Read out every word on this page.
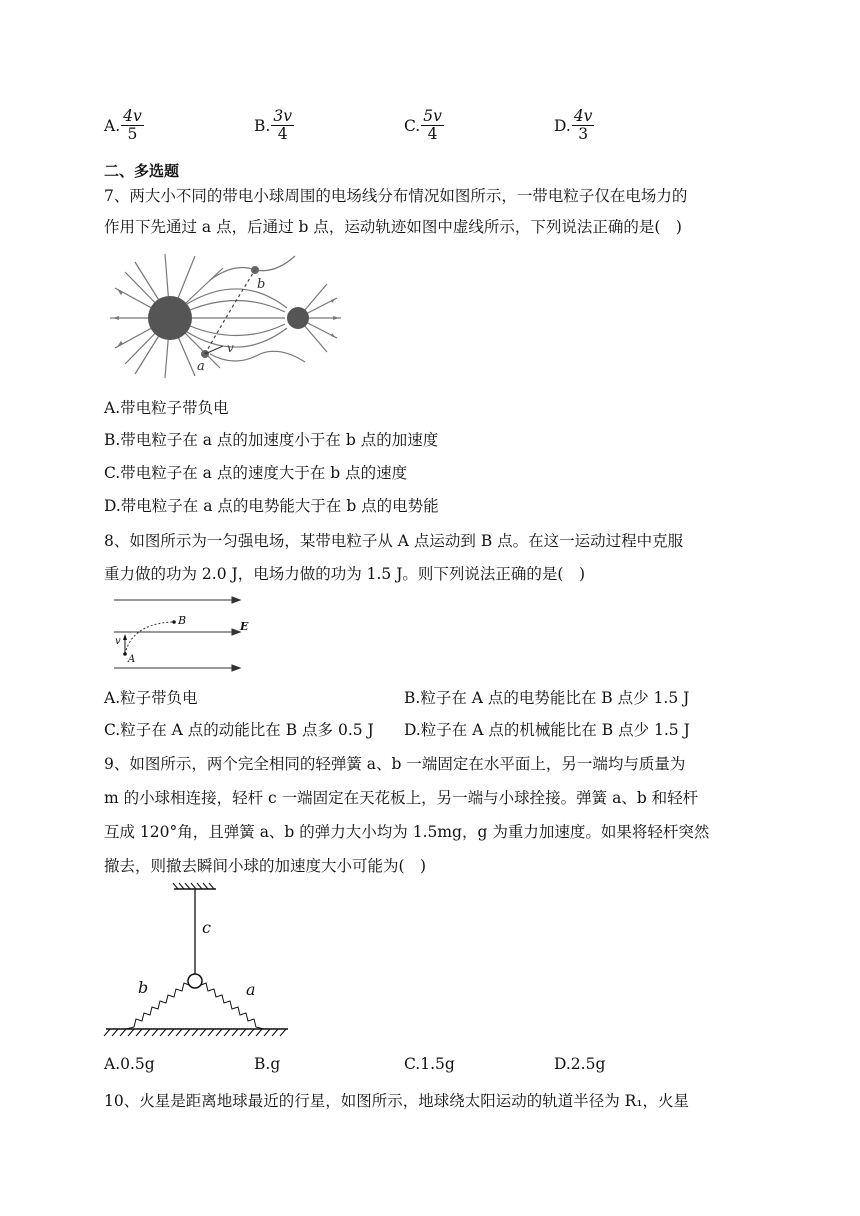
A. $\frac{4v}{5}$	B. $\frac{3v}{4}$	C. $\frac{5v}{4}$	D. $\frac{4v}{3}$
二、多选题
7、两大小不同的带电小球周围的电场线分布情况如图所示，一带电粒子仅在电场力的
作用下先通过 a 点，后通过 b 点，运动轨迹如图中虚线所示，下列说法正确的是(　)
b
a
v
A.带电粒子带负电
B.带电粒子在 a 点的加速度小于在 b 点的加速度
C.带电粒子在 a 点的速度大于在 b 点的速度
D.带电粒子在 a 点的电势能大于在 b 点的电势能
8、如图所示为一匀强电场，某带电粒子从 A 点运动到 B 点。在这一运动过程中克服
重力做的功为 2.0 J，电场力做的功为 1.5 J。则下列说法正确的是(　)
B	E
v
A
A.粒子带负电	B.粒子在 A 点的电势能比在 B 点少 1.5 J
C.粒子在 A 点的动能比在 B 点多 0.5 J D.粒子在 A 点的机械能比在 B 点少 1.5 J
9、如图所示，两个完全相同的轻弹簧 a、b 一端固定在水平面上，另一端均与质量为
m 的小球相连接，轻杆 c 一端固定在天花板上，另一端与小球拴接。弹簧 a、b 和轻杆
互成 120°角，且弹簧 a、b 的弹力大小均为 1.5mg，g 为重力加速度。如果将轻杆突然
撤去，则撤去瞬间小球的加速度大小可能为(　)
c
b	a
A.0.5g	B.g	C.1.5g	D.2.5g
10、火星是距离地球最近的行星，如图所示，地球绕太阳运动的轨道半径为 R₁，火星
